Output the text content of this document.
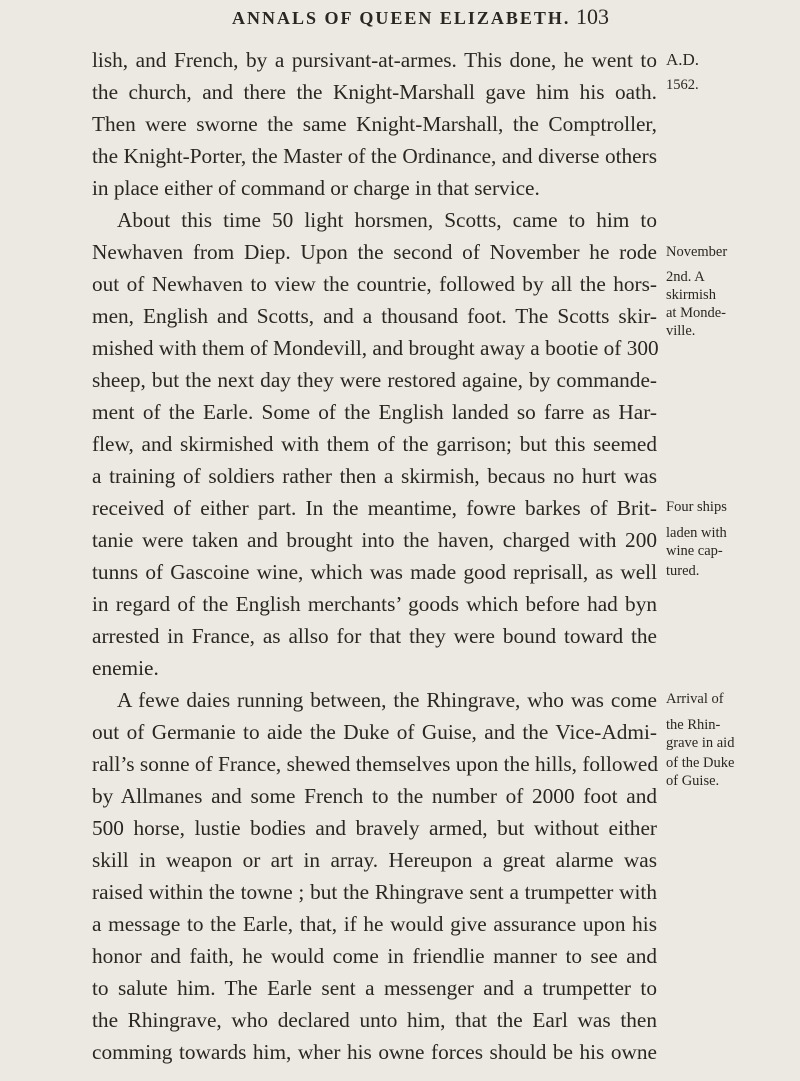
ANNALS OF QUEEN ELIZABETH. 103
lish, and French, by a pursivant-at-armes. This done, he went to
the church, and there the Knight-Marshall gave him his oath.
Then were sworne the same Knight-Marshall, the Comptroller,
the Knight-Porter, the Master of the Ordinance, and diverse others
in place either of command or charge in that service.
About this time 50 light horsmen, Scotts, came to him to
Newhaven from Diep. Upon the second of November he rode
out of Newhaven to view the countrie, followed by all the hors-
men, English and Scotts, and a thousand foot. The Scotts skir-
mished with them of Mondevill, and brought away a bootie of 300
sheep, but the next day they were restored againe, by commande-
ment of the Earle. Some of the English landed so farre as Har-
flew, and skirmished with them of the garrison; but this seemed
a training of soldiers rather then a skirmish, becaus no hurt was
received of either part. In the meantime, fowre barkes of Brit-
tanie were taken and brought into the haven, charged with 200
tunns of Gascoine wine, which was made good reprisall, as well
in regard of the English merchants’ goods which before had byn
arrested in France, as allso for that they were bound toward the
enemie.
A fewe daies running between, the Rhingrave, who was come
out of Germanie to aide the Duke of Guise, and the Vice-Admi-
rall’s sonne of France, shewed themselves upon the hills, followed
by Allmanes and some French to the number of 2000 foot and
500 horse, lustie bodies and bravely armed, but without either
skill in weapon or art in array. Hereupon a great alarme was
raised within the towne ; but the Rhingrave sent a trumpetter with
a message to the Earle, that, if he would give assurance upon his
honor and faith, he would come in friendlie manner to see and
to salute him. The Earle sent a messenger and a trumpetter to
the Rhingrave, who declared unto him, that the Earl was then
comming towards him, wher his owne forces should be his owne
A.D.
1562.
November
2nd. A
skirmish
at Monde-
ville.
Four ships
laden with
wine cap-
tured.
Arrival of
the Rhin-
grave in aid
of the Duke
of Guise.
